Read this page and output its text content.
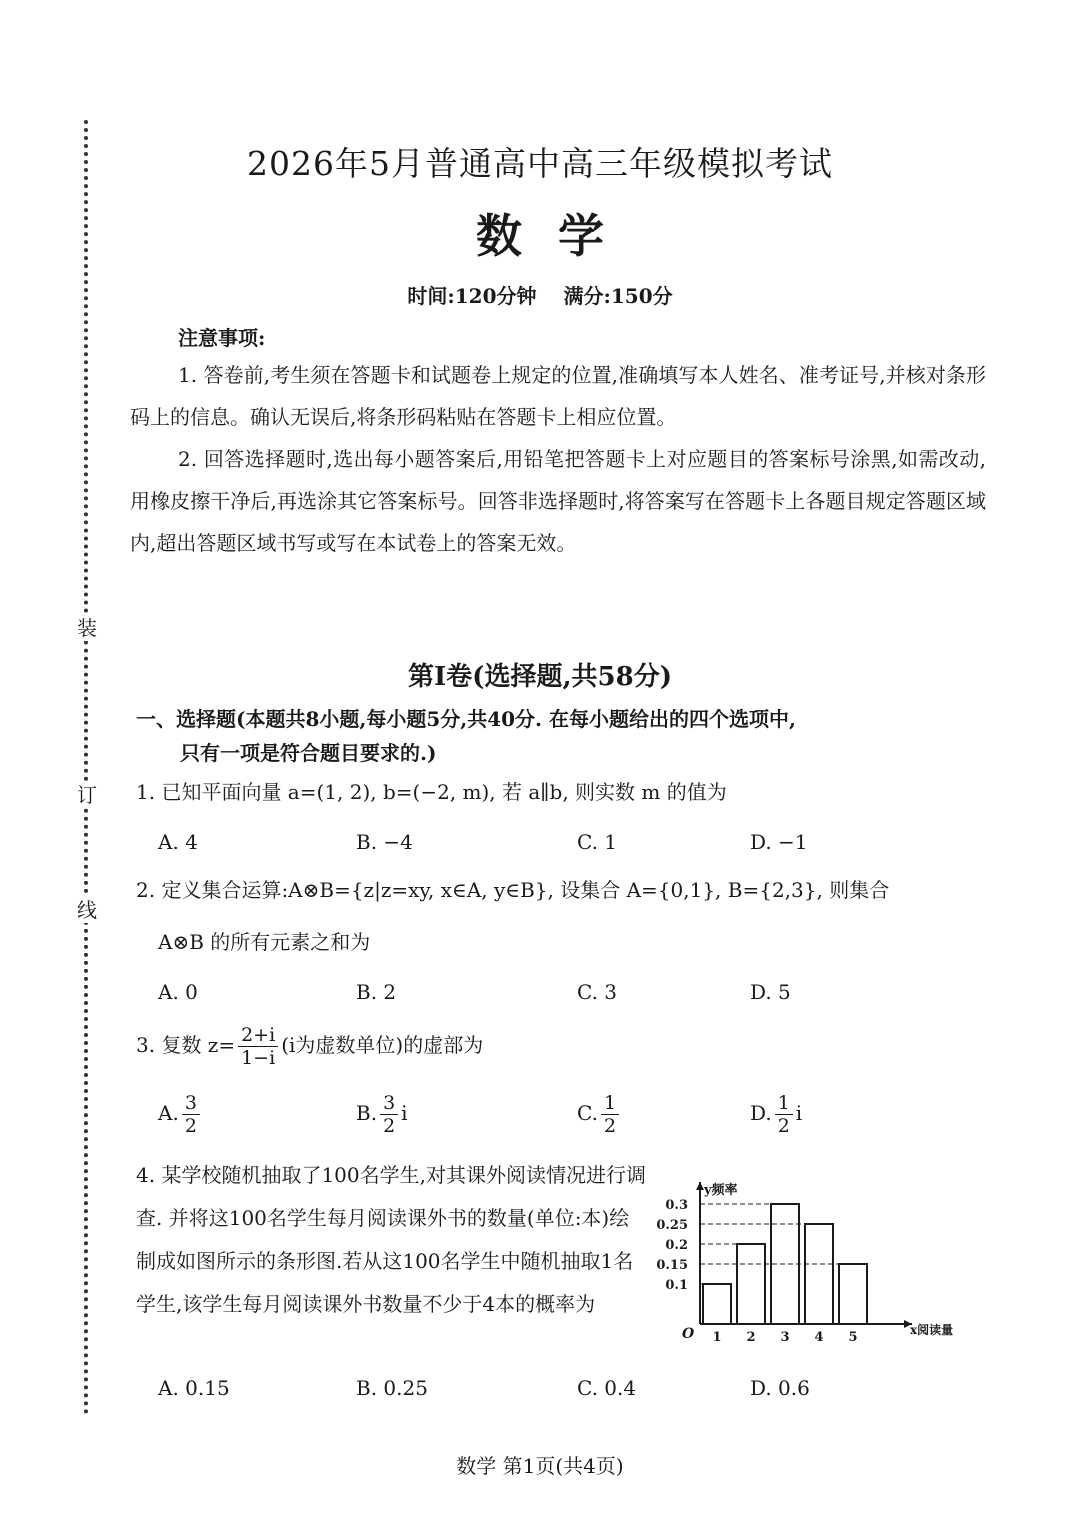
装
订
线
2026年5月普通高中高三年级模拟考试
数学
时间:120分钟 满分:150分
注意事项:
1. 答卷前,考生须在答题卡和试题卷上规定的位置,准确填写本人姓名、准考证号,并核对条形码上的信息。确认无误后,将条形码粘贴在答题卡上相应位置。
2. 回答选择题时,选出每小题答案后,用铅笔把答题卡上对应题目的答案标号涂黑,如需改动,用橡皮擦干净后,再选涂其它答案标号。回答非选择题时,将答案写在答题卡上各题目规定答题区域内,超出答题区域书写或写在本试卷上的答案无效。
第Ⅰ卷(选择题,共58分)
一、选择题(本题共8小题,每小题5分,共40分. 在每小题给出的四个选项中,
只有一项是符合题目要求的.)
1. 已知平面向量 a=(1, 2), b=(−2, m), 若 a∥b, 则实数 m 的值为
A. 4	B. −4	C. 1	D. −1
2. 定义集合运算:A⊗B={z|z=xy, x∈A, y∈B}, 设集合 A={0,1}, B={2,3}, 则集合
A⊗B 的所有元素之和为
A. 0	B. 2	C. 3	D. 5
3. 复数 $z= \frac{2+i}{1-i} (i$为虚数单位)的虚部为
A. $\frac{3}{2}$	B. $\frac{3}{2}$ i	C. $\frac{1}{2}$	D. $\frac{1}{2}$ i
4. 某学校随机抽取了100名学生,对其课外阅读情况进行调查. 并将这100名学生每月阅读课外书的数量(单位:本)绘制成如图所示的条形图.若从这100名学生中随机抽取1名学生,该学生每月阅读课外书数量不少于4本的概率为
1 2 3 4 5
0.1
0.15
0.2
0.25
0.3
O
y频率
x阅读量
A. 0.15	B. 0.25	C. 0.4	D. 0.6
数学 第1页(共4页)
